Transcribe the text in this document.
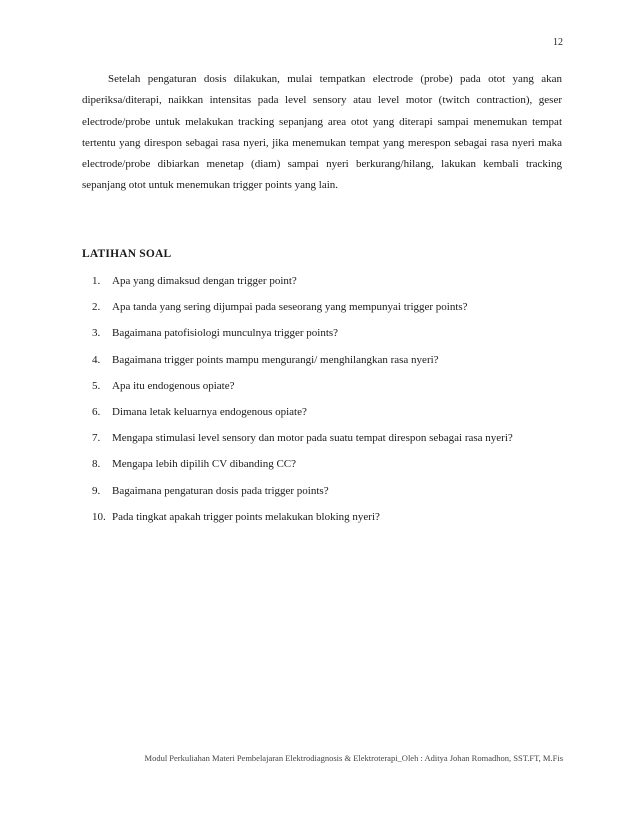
12

Setelah pengaturan dosis dilakukan, mulai tempatkan electrode (probe) pada otot yang akan diperiksa/diterapi, naikkan intensitas pada level sensory atau level motor (twitch contraction), geser electrode/probe untuk melakukan tracking sepanjang area otot yang diterapi sampai menemukan tempat tertentu yang direspon sebagai rasa nyeri, jika menemukan tempat yang merespon sebagai rasa nyeri maka electrode/probe dibiarkan menetap (diam) sampai nyeri berkurang/hilang, lakukan kembali tracking sepanjang otot untuk menemukan trigger points yang lain.

LATIHAN SOAL
1.	Apa yang dimaksud dengan trigger point?
2.	Apa tanda yang sering dijumpai pada seseorang yang mempunyai trigger points?
3.	Bagaimana patofisiologi munculnya trigger points?
4.	Bagaimana trigger points mampu mengurangi/ menghilangkan rasa nyeri?
5.	Apa itu endogenous opiate?
6.	Dimana letak keluarnya endogenous opiate?
7.	Mengapa stimulasi level sensory dan motor pada suatu tempat direspon sebagai rasa nyeri?
8.	Mengapa lebih dipilih CV dibanding CC?
9.	Bagaimana pengaturan dosis pada trigger points?
10. Pada tingkat apakah trigger points melakukan bloking nyeri?
Modul Perkuliahan Materi Pembelajaran Elektrodiagnosis & Elektroterapi_Oleh : Aditya Johan Romadhon, SST.FT, M.Fis
